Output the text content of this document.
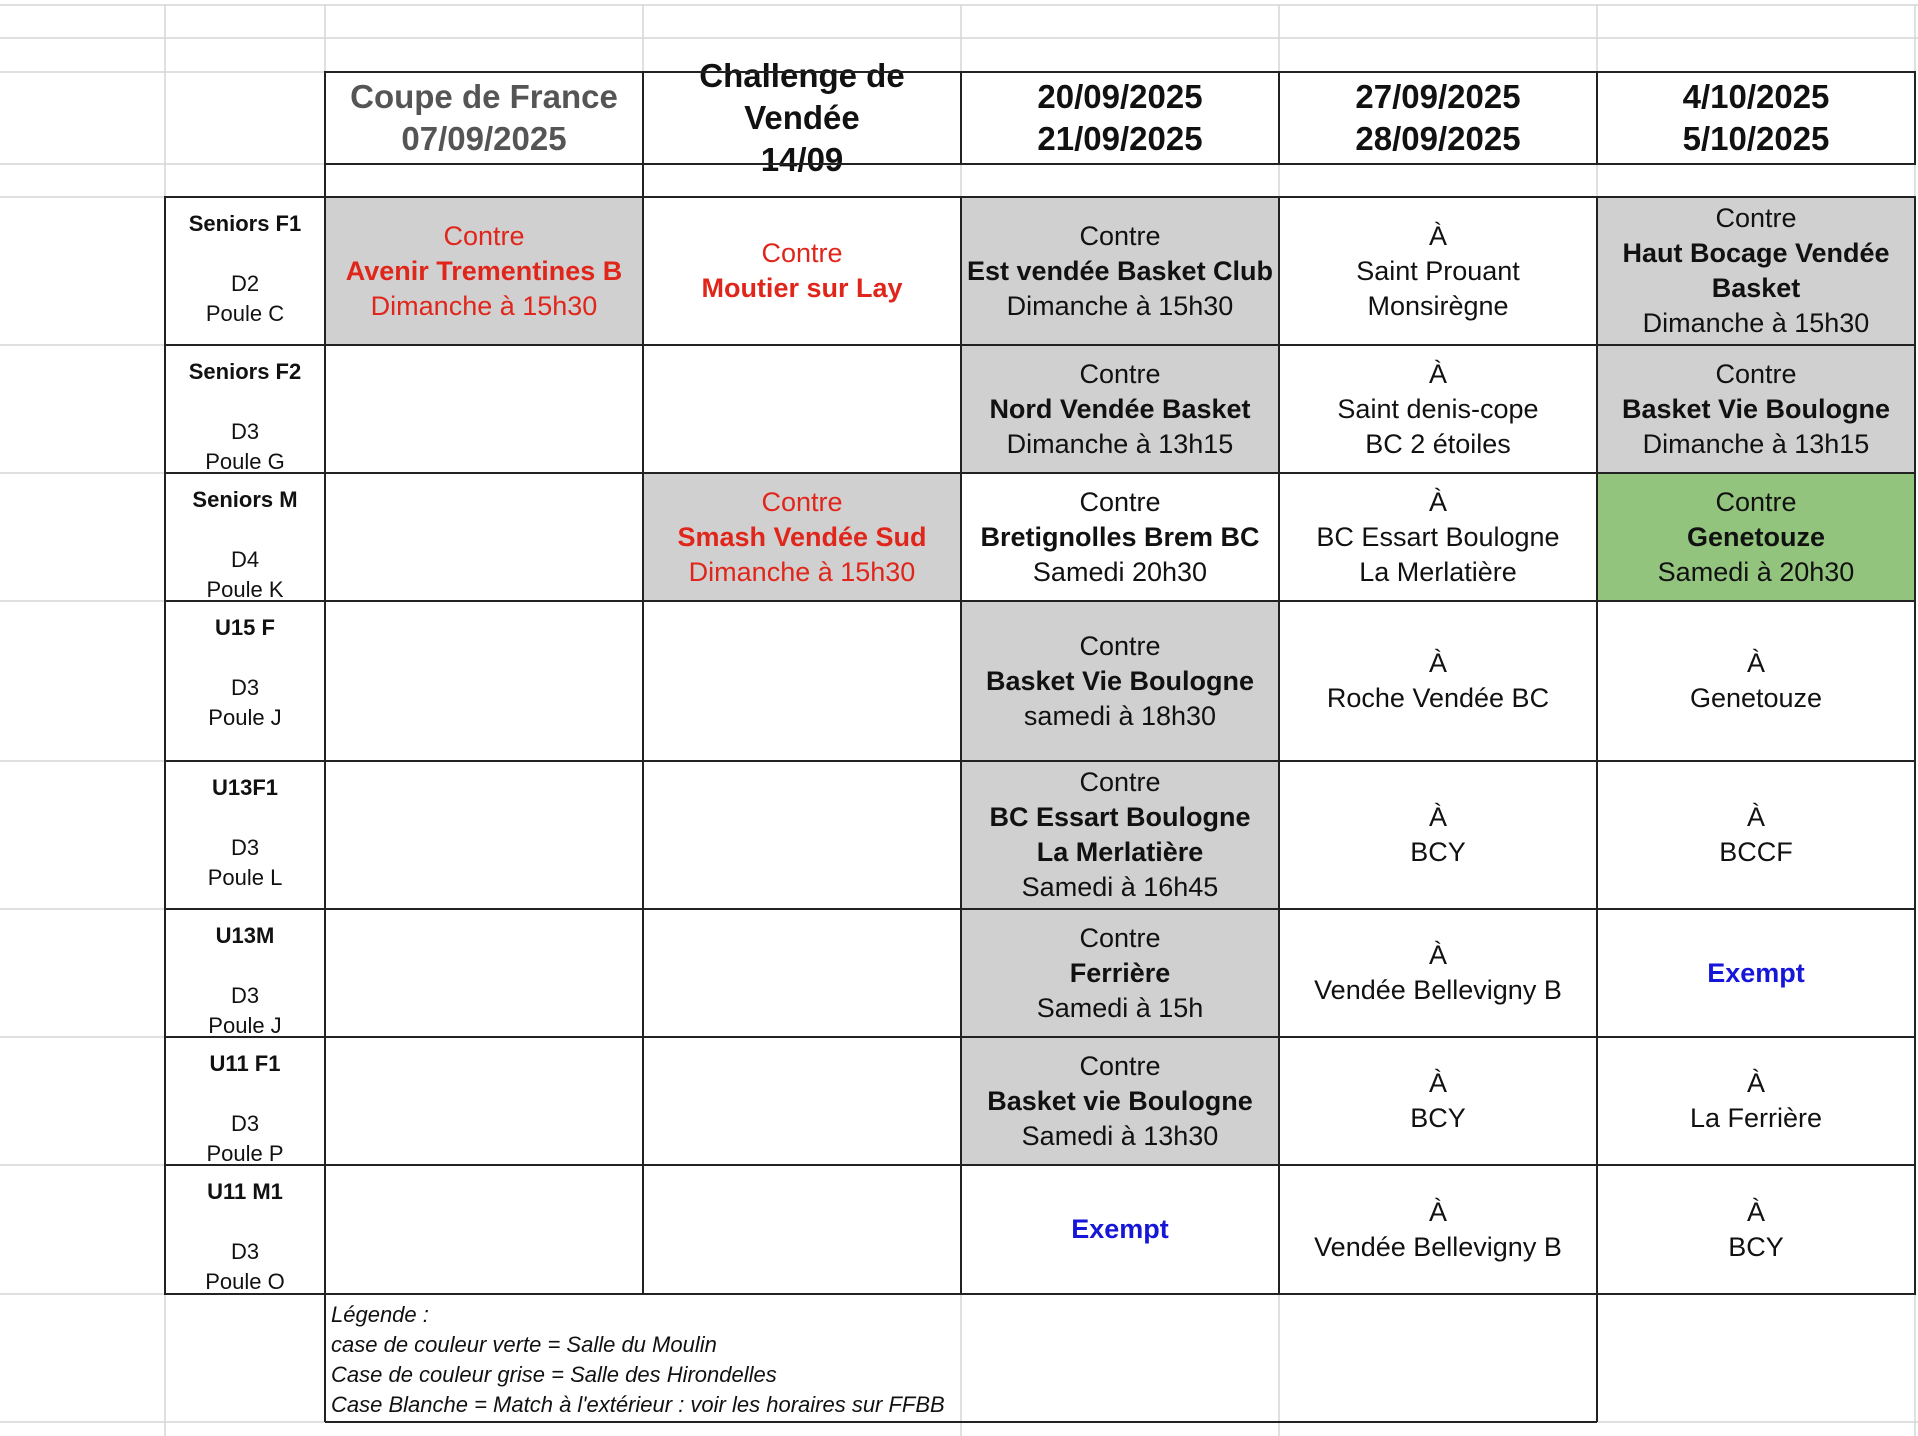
Coupe de France
07/09/2025
Challenge de Vendée
14/09
20/09/2025
21/09/2025
27/09/2025
28/09/2025
4/10/2025
5/10/2025
Seniors F1
D2
Poule C
Contre
Avenir Trementines B
Dimanche à 15h30
Contre
Moutier sur Lay
Contre
Est vendée Basket Club
Dimanche à 15h30
À
Saint Prouant Monsirègne
Contre
Haut Bocage Vendée Basket
Dimanche à 15h30
Seniors F2
D3
Poule G
Contre
Nord Vendée Basket
Dimanche à 13h15
À
Saint denis-cope BC 2 étoiles
Contre
Basket Vie Boulogne
Dimanche à 13h15
Seniors M
D4
Poule K
Contre
Smash Vendée Sud
Dimanche à 15h30
Contre
Bretignolles Brem BC
Samedi 20h30
À
BC Essart Boulogne La Merlatière
Contre
Genetouze
Samedi à 20h30
U15 F
D3
Poule J
Contre
Basket Vie Boulogne
samedi à 18h30
À
Roche Vendée BC
À
Genetouze
U13F1
D3
Poule L
Contre
BC Essart Boulogne La Merlatière
Samedi à 16h45
À
BCY
À
BCCF
U13M
D3
Poule J
Contre
Ferrière
Samedi à 15h
À
Vendée Bellevigny B
Exempt
U11 F1
D3
Poule P
Contre
Basket vie Boulogne
Samedi à 13h30
À
BCY
À
La Ferrière
U11 M1
D3
Poule O
Exempt
À
Vendée Bellevigny B
À
BCY
Légende :
case de couleur verte = Salle du Moulin
Case de couleur grise = Salle des Hirondelles
Case Blanche = Match à l'extérieur : voir les horaires sur FFBB
